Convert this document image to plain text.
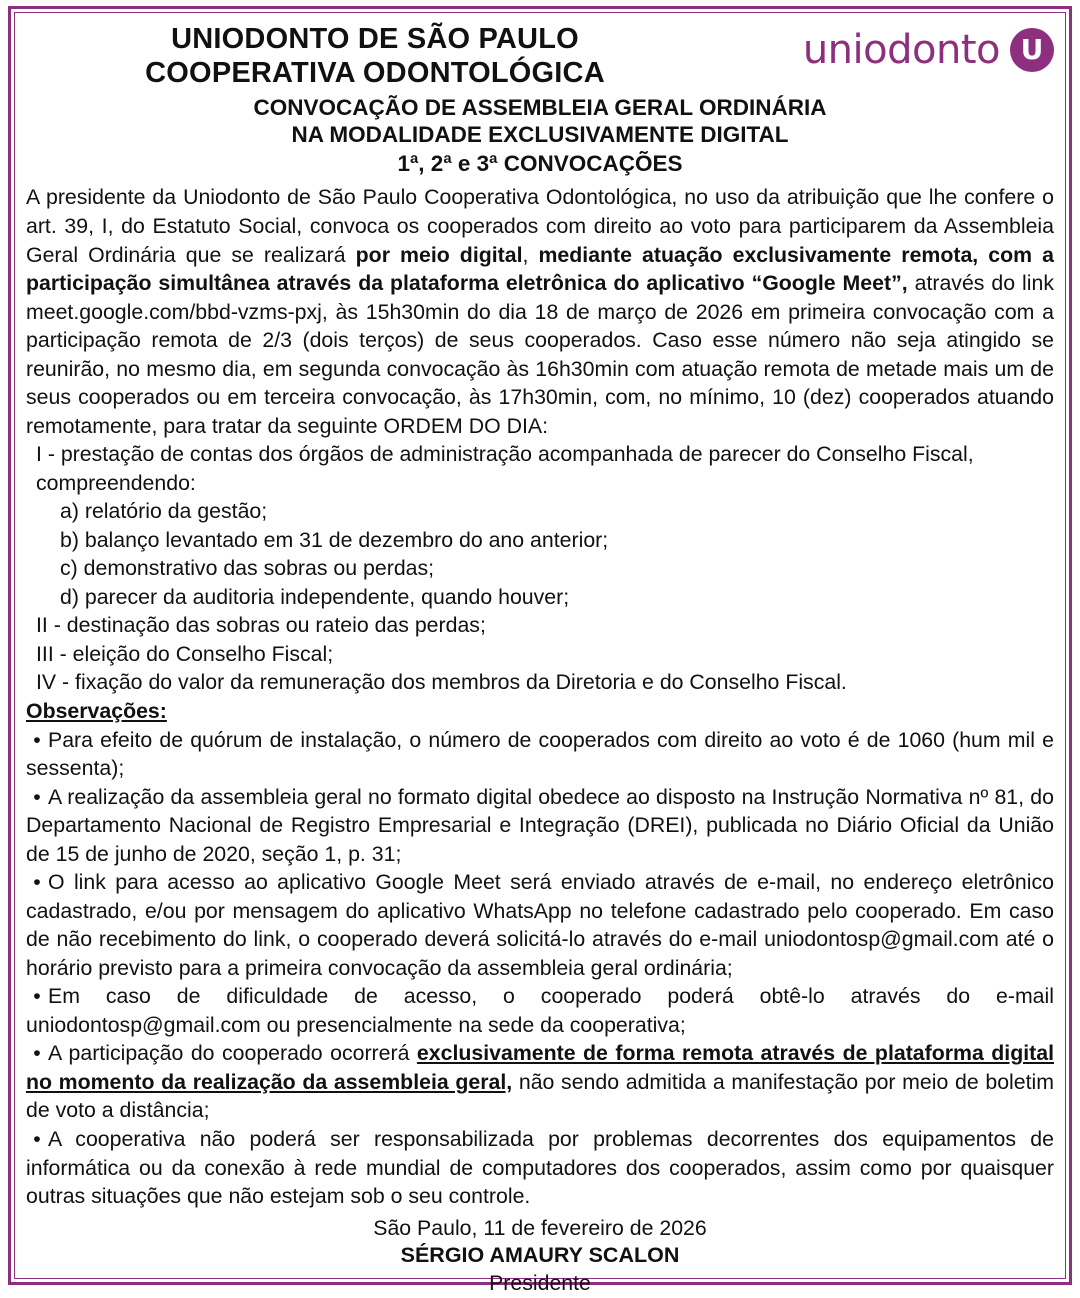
uniodonto U
UNIODONTO DE SÃO PAULO
COOPERATIVA ODONTOLÓGICA
CONVOCAÇÃO DE ASSEMBLEIA GERAL ORDINÁRIA
NA MODALIDADE EXCLUSIVAMENTE DIGITAL
1ª, 2ª e 3ª CONVOCAÇÕES

A presidente da Uniodonto de São Paulo Cooperativa Odontológica, no uso da atribuição que lhe confere o art. 39, I, do Estatuto Social, convoca os cooperados com direito ao voto para participarem da Assembleia Geral Ordinária que se realizará por meio digital, mediante atuação exclusivamente remota, com a participação simultânea através da plataforma eletrônica do aplicativo “Google Meet”, através do link meet.google.com/bbd-vzms-pxj, às 15h30min do dia 18 de março de 2026 em primeira convocação com a participação remota de 2/3 (dois terços) de seus cooperados. Caso esse número não seja atingido se reunirão, no mesmo dia, em segunda convocação às 16h30min com atuação remota de metade mais um de seus cooperados ou em terceira convocação, às 17h30min, com, no mínimo, 10 (dez) cooperados atuando remotamente, para tratar da seguinte ORDEM DO DIA:

I - prestação de contas dos órgãos de administração acompanhada de parecer do Conselho Fiscal, compreendendo:

a) relatório da gestão;

b) balanço levantado em 31 de dezembro do ano anterior;

c) demonstrativo das sobras ou perdas;

d) parecer da auditoria independente, quando houver;

II - destinação das sobras ou rateio das perdas;

III - eleição do Conselho Fiscal;

IV - fixação do valor da remuneração dos membros da Diretoria e do Conselho Fiscal.

Observações:

• Para efeito de quórum de instalação, o número de cooperados com direito ao voto é de 1060 (hum mil e sessenta);

• A realização da assembleia geral no formato digital obedece ao disposto na Instrução Normativa nº 81, do Departamento Nacional de Registro Empresarial e Integração (DREI), publicada no Diário Oficial da União de 15 de junho de 2020, seção 1, p. 31;

• O link para acesso ao aplicativo Google Meet será enviado através de e-mail, no endereço eletrônico cadastrado, e/ou por mensagem do aplicativo WhatsApp no telefone cadastrado pelo cooperado. Em caso de não recebimento do link, o cooperado deverá solicitá-lo através do e-mail uniodontosp@gmail.com até o horário previsto para a primeira convocação da assembleia geral ordinária;

• Em caso de dificuldade de acesso, o cooperado poderá obtê-lo através do e-mail uniodontosp@gmail.com ou presencialmente na sede da cooperativa;

• A participação do cooperado ocorrerá exclusivamente de forma remota através de plataforma digital no momento da realização da assembleia geral, não sendo admitida a manifestação por meio de boletim de voto a distância;

• A cooperativa não poderá ser responsabilizada por problemas decorrentes dos equipamentos de informática ou da conexão à rede mundial de computadores dos cooperados, assim como por quaisquer outras situações que não estejam sob o seu controle.

São Paulo, 11 de fevereiro de 2026
SÉRGIO AMAURY SCALON
Presidente
